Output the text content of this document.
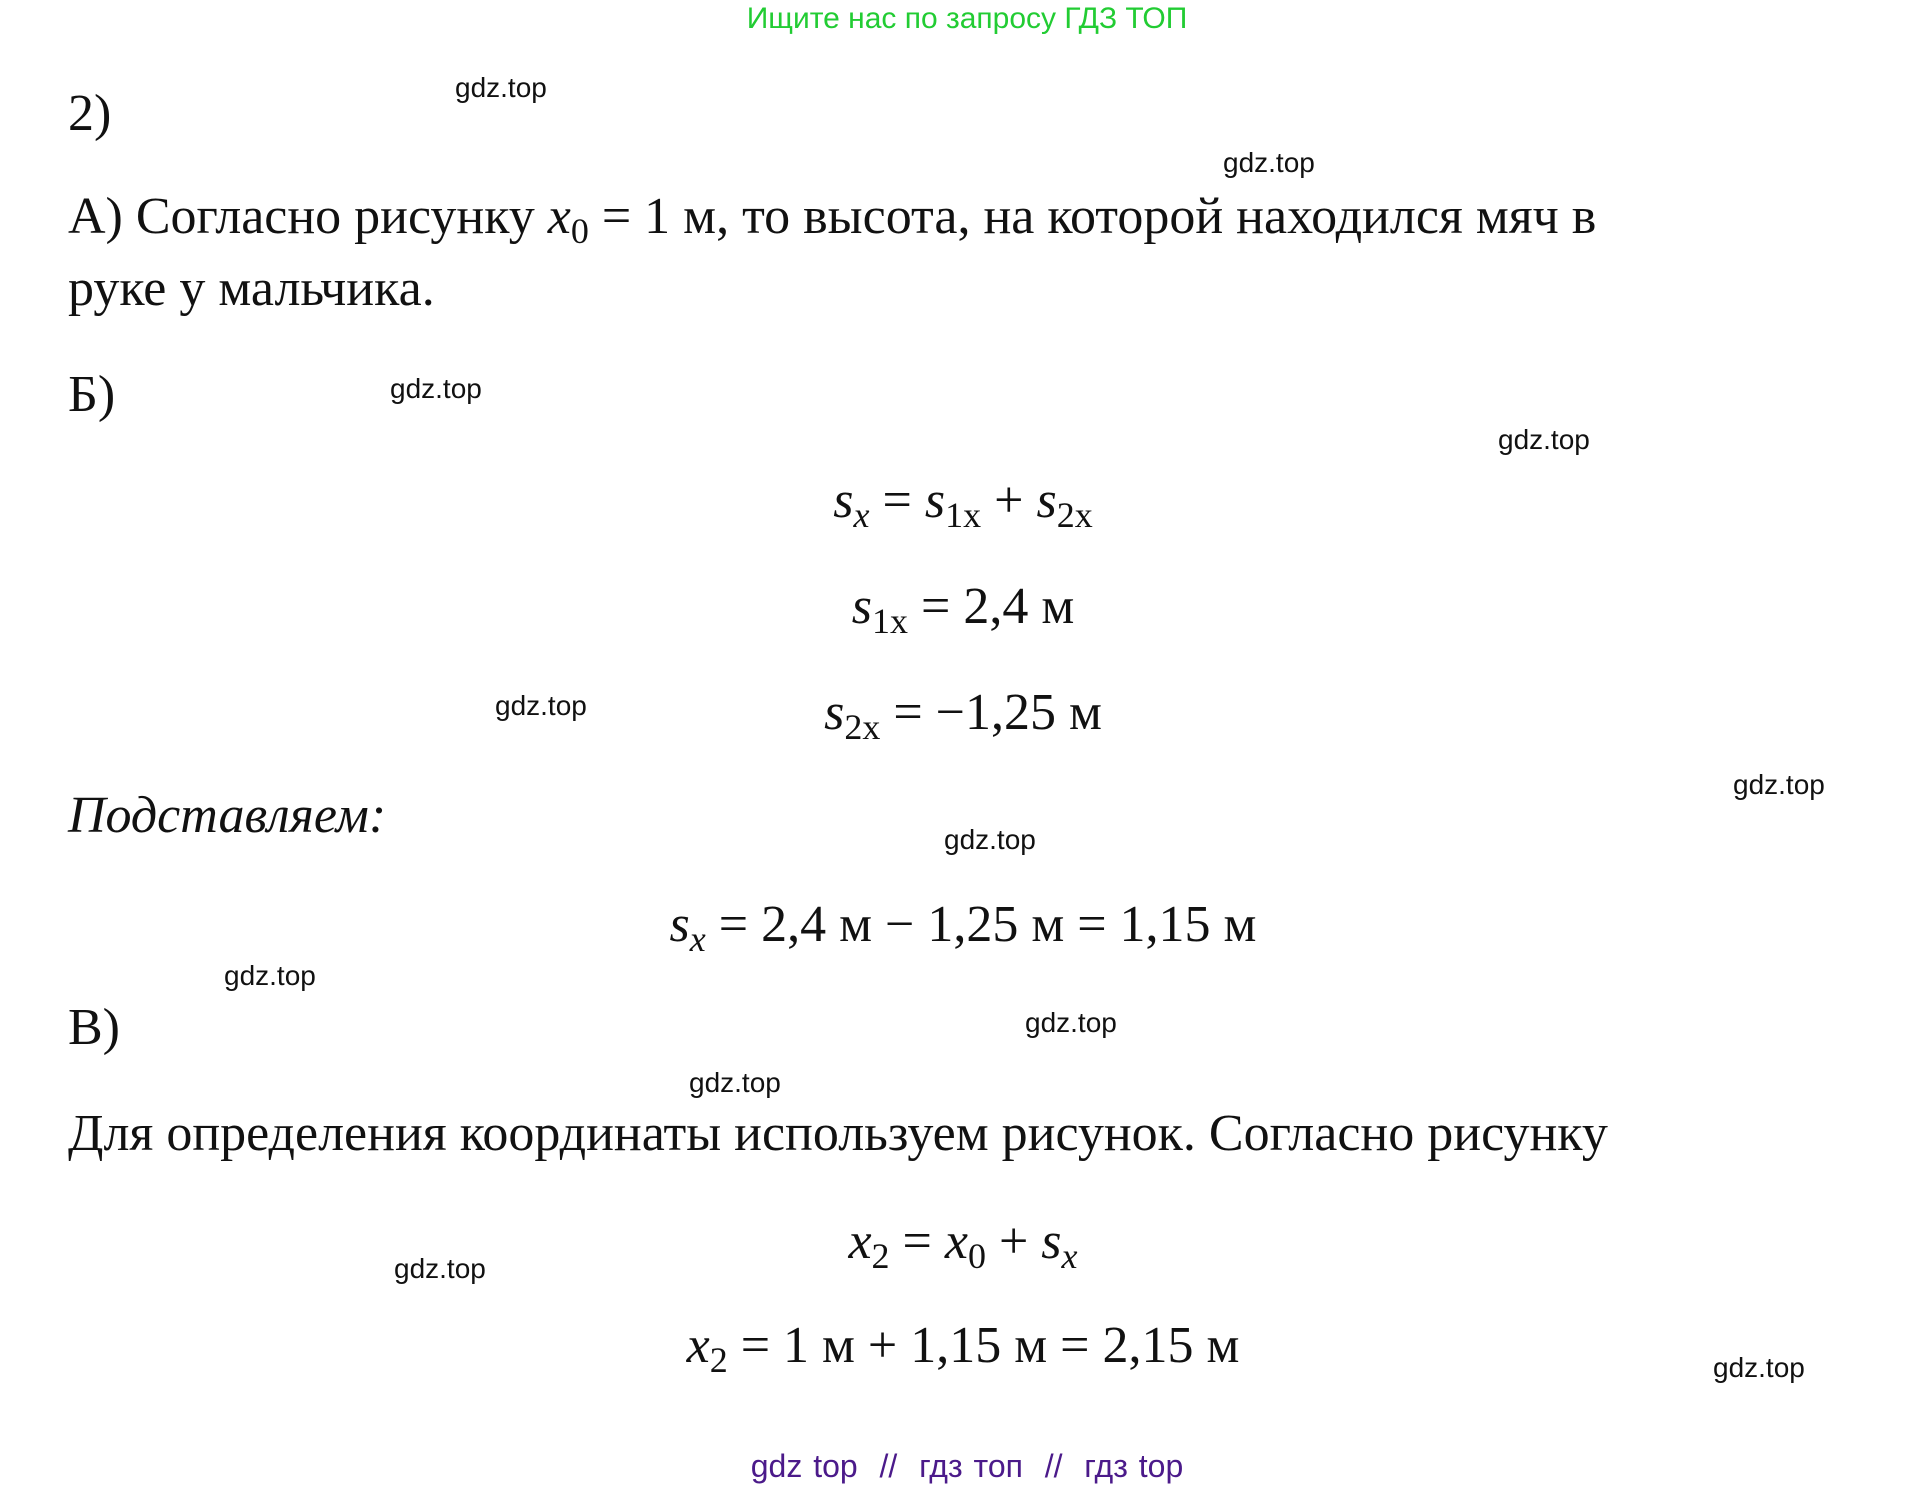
Ищите нас по запросу ГДЗ ТОП
gdz.top
gdz.top
gdz.top
gdz.top
gdz.top
gdz.top
gdz.top
gdz.top
gdz.top
gdz.top
gdz.top
gdz.top
2)
А) Согласно рисунку $x_0 = 1$ м, то высота, на которой находился мяч в
руке у мальчика.
Б)
$s_x = s_{1x} + s_{2x}$
$s_{1x} = 2,4$ м
$s_{2x} = -1,25$ м
Подставляем:
$s_x = 2,4$ м − 1,25 м = 1,15 м
В)
Для определения координаты используем рисунок. Согласно рисунку
$x_2 = x_0 + s_x$
$x_2 = 1$ м + 1,15 м = 2,15 м
gdz top  //  гдз топ  //  гдз top
